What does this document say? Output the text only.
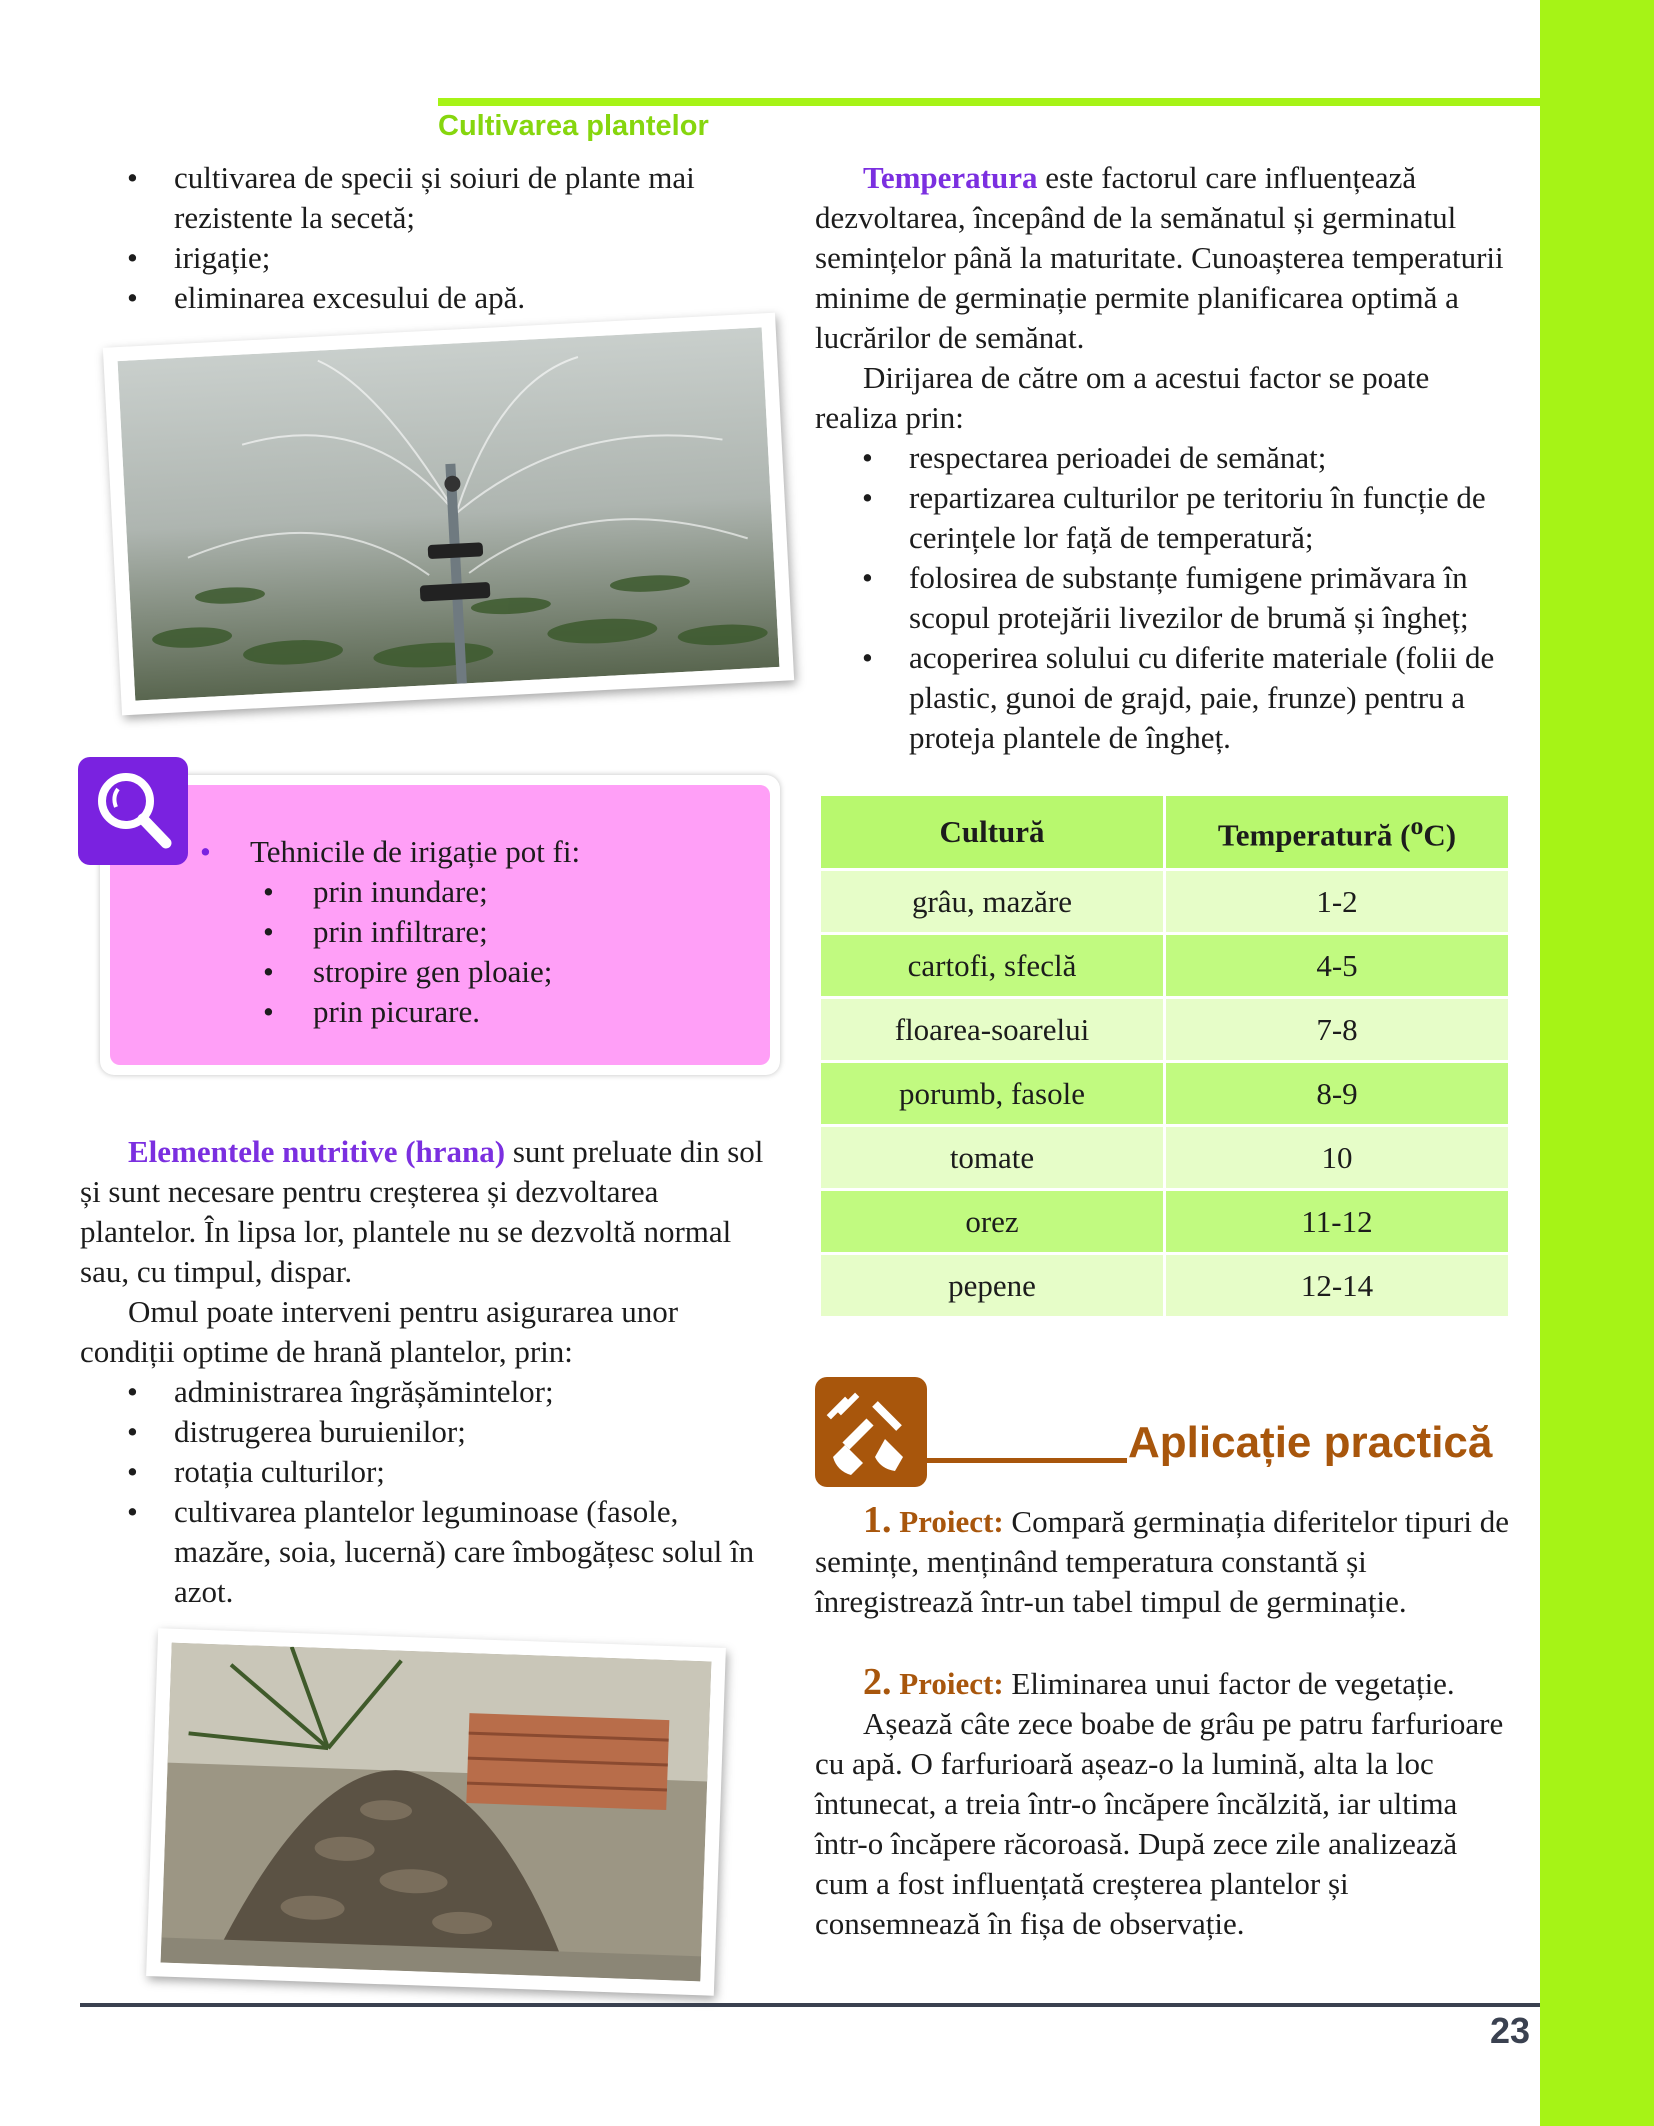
Cultivarea plantelor
• cultivarea de specii și soiuri de plante mai rezistente la secetă;
• irigație;
• eliminarea excesului de apă.
• Tehnicile de irigație pot fi:
• prin inundare;
• prin infiltrare;
• stropire gen ploaie;
• prin picurare.

Elementele nutritive (hrana) sunt preluate din sol și sunt necesare pentru creșterea și dezvoltarea plantelor. În lipsa lor, plantele nu se dezvoltă normal sau, cu timpul, dispar.

Omul poate interveni pentru asigurarea unor condiții optime de hrană plantelor, prin:

• administrarea îngrășămintelor;
• distrugerea buruienilor;
• rotația culturilor;
• cultivarea plantelor leguminoase (fasole, mazăre, soia, lucernă) care îmbogățesc solul în azot.

Temperatura este factorul care influențează dezvoltarea, începând de la semănatul și germinatul semințelor până la maturitate. Cunoașterea temperaturii minime de germinație permite planificarea optimă a lucrărilor de semănat.

Dirijarea de către om a acestui factor se poate realiza prin:

• respectarea perioadei de semănat;
• repartizarea culturilor pe teritoriu în funcție de cerințele lor față de temperatură;
• folosirea de substanțe fumigene primăvara în scopul protejării livezilor de brumă și îngheț;
• acoperirea solului cu diferite materiale (folii de plastic, gunoi de grajd, paie, frunze) pentru a proteja plantele de îngheț.
Cultură	Temperatură ($^o$C)
grâu, mazăre	1-2
cartofi, sfeclă	4-5
floarea-soarelui	7-8
porumb, fasole	8-9
tomate	10
orez	11-12
pepene	12-14
Aplicație practică

1. Proiect: Compară germinația diferitelor tipuri de semințe, menținând temperatura constantă și înregistrează într-un tabel timpul de germinație.

2. Proiect: Eliminarea unui factor de vegetație.

Așează câte zece boabe de grâu pe patru farfurioare cu apă. O farfurioară așeaz-o la lumină, alta la loc întunecat, a treia într-o încăpere încălzită, iar ultima într-o încăpere răcoroasă. După zece zile analizează cum a fost influențată creșterea plantelor și consemnează în fișa de observație.

23
